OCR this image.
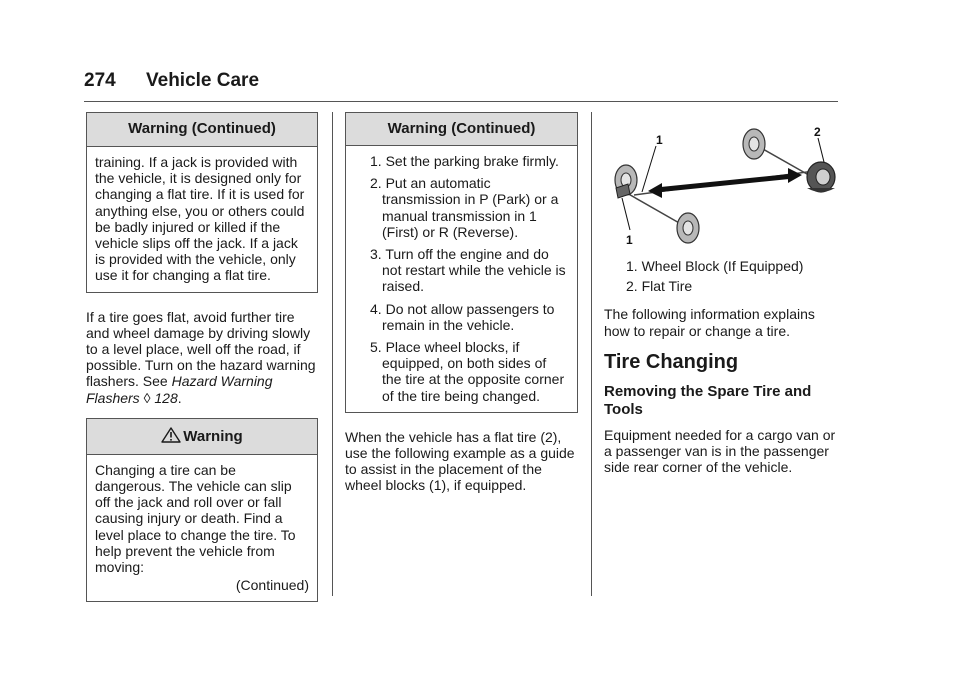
274 Vehicle Care
Warning (Continued)

training. If a jack is provided with the vehicle, it is designed only for changing a flat tire. If it is used for anything else, you or others could be badly injured or killed if the vehicle slips off the jack. If a jack is provided with the vehicle, only use it for changing a flat tire.

If a tire goes flat, avoid further tire and wheel damage by driving slowly to a level place, well off the road, if possible. Turn on the hazard warning flashers. See Hazard Warning Flashers ◊ 128.

Warning

Changing a tire can be dangerous. The vehicle can slip off the jack and roll over or fall causing injury or death. Find a level place to change the tire. To help prevent the vehicle from moving:

(Continued)
Warning (Continued)
1. Set the parking brake firmly.
2. Put an automatic transmission in P (Park) or a manual transmission in 1 (First) or R (Reverse).
3. Turn off the engine and do not restart while the vehicle is raised.
4. Do not allow passengers to remain in the vehicle.
5. Place wheel blocks, if equipped, on both sides of the tire at the opposite corner of the tire being changed.

When the vehicle has a flat tire (2), use the following example as a guide to assist in the placement of the wheel blocks (1), if equipped.

1
1
2
1. Wheel Block (If Equipped)
2. Flat Tire

The following information explains how to repair or change a tire.

Tire Changing
Removing the Spare Tire and Tools

Equipment needed for a cargo van or a passenger van is in the passenger side rear corner of the vehicle.
